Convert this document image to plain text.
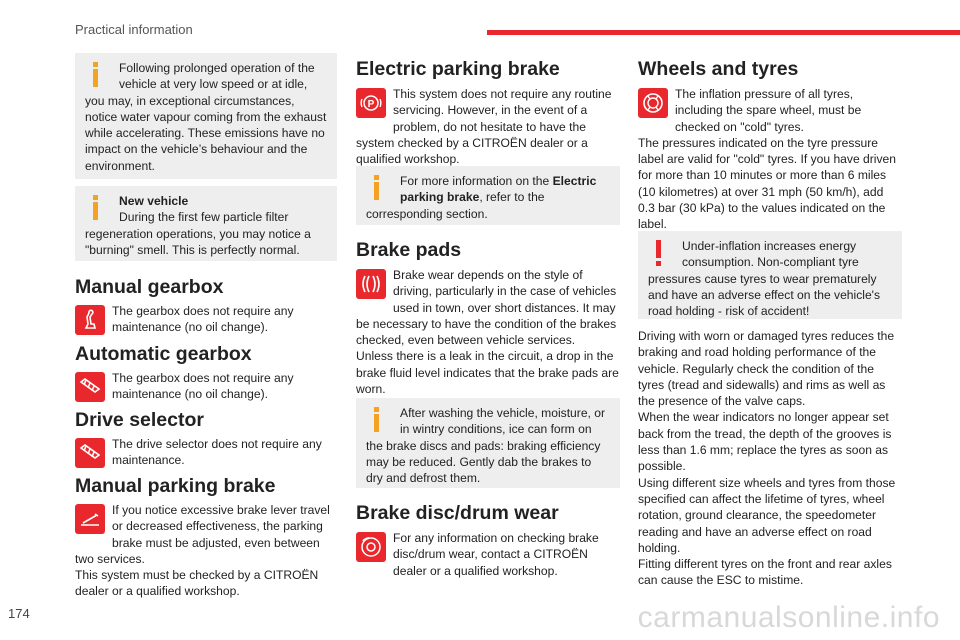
Practical information
174	carmanualsonline.info
Following prolonged operation of the vehicle at very low speed or at idle, you may, in exceptional circumstances, notice water vapour coming from the exhaust while accelerating. These emissions have no impact on the vehicle’s behaviour and the environment.
New vehicle
During the first few particle filter regeneration operations, you may notice a "burning" smell. This is perfectly normal.
Manual gearbox
The gearbox does not require any maintenance (no oil change).
Automatic gearbox
The gearbox does not require any maintenance (no oil change).
Drive selector
The drive selector does not require any maintenance.
Manual parking brake
If you notice excessive brake lever travel or decreased effectiveness, the parking brake must be adjusted, even between two services.
This system must be checked by a CITROËN dealer or a qualified workshop.
Electric parking brake
P
This system does not require any routine servicing. However, in the event of a problem, do not hesitate to have the system checked by a CITROËN dealer or a qualified workshop.
For more information on the Electric parking brake, refer to the corresponding section.
Brake pads
Brake wear depends on the style of driving, particularly in the case of vehicles used in town, over short distances. It may be necessary to have the condition of the brakes checked, even between vehicle services.
Unless there is a leak in the circuit, a drop in the brake fluid level indicates that the brake pads are worn.
After washing the vehicle, moisture, or in wintry conditions, ice can form on the brake discs and pads: braking efficiency may be reduced. Gently dab the brakes to dry and defrost them.
Brake disc/drum wear
For any information on checking brake disc/drum wear, contact a CITROËN dealer or a qualified workshop.
Wheels and tyres
The inflation pressure of all tyres, including the spare wheel, must be checked on "cold" tyres.
The pressures indicated on the tyre pressure label are valid for "cold" tyres. If you have driven for more than 10 minutes or more than 6 miles (10 kilometres) at over 31 mph (50 km/h), add 0.3 bar (30 kPa) to the values indicated on the label.
Under-inflation increases energy consumption. Non-compliant tyre pressures cause tyres to wear prematurely and have an adverse effect on the vehicle's road holding - risk of accident!
Driving with worn or damaged tyres reduces the braking and road holding performance of the vehicle. Regularly check the condition of the tyres (tread and sidewalls) and rims as well as the presence of the valve caps.
When the wear indicators no longer appear set back from the tread, the depth of the grooves is less than 1.6 mm; replace the tyres as soon as possible.
Using different size wheels and tyres from those specified can affect the lifetime of tyres, wheel rotation, ground clearance, the speedometer reading and have an adverse effect on road holding.
Fitting different tyres on the front and rear axles can cause the ESC to mistime.
